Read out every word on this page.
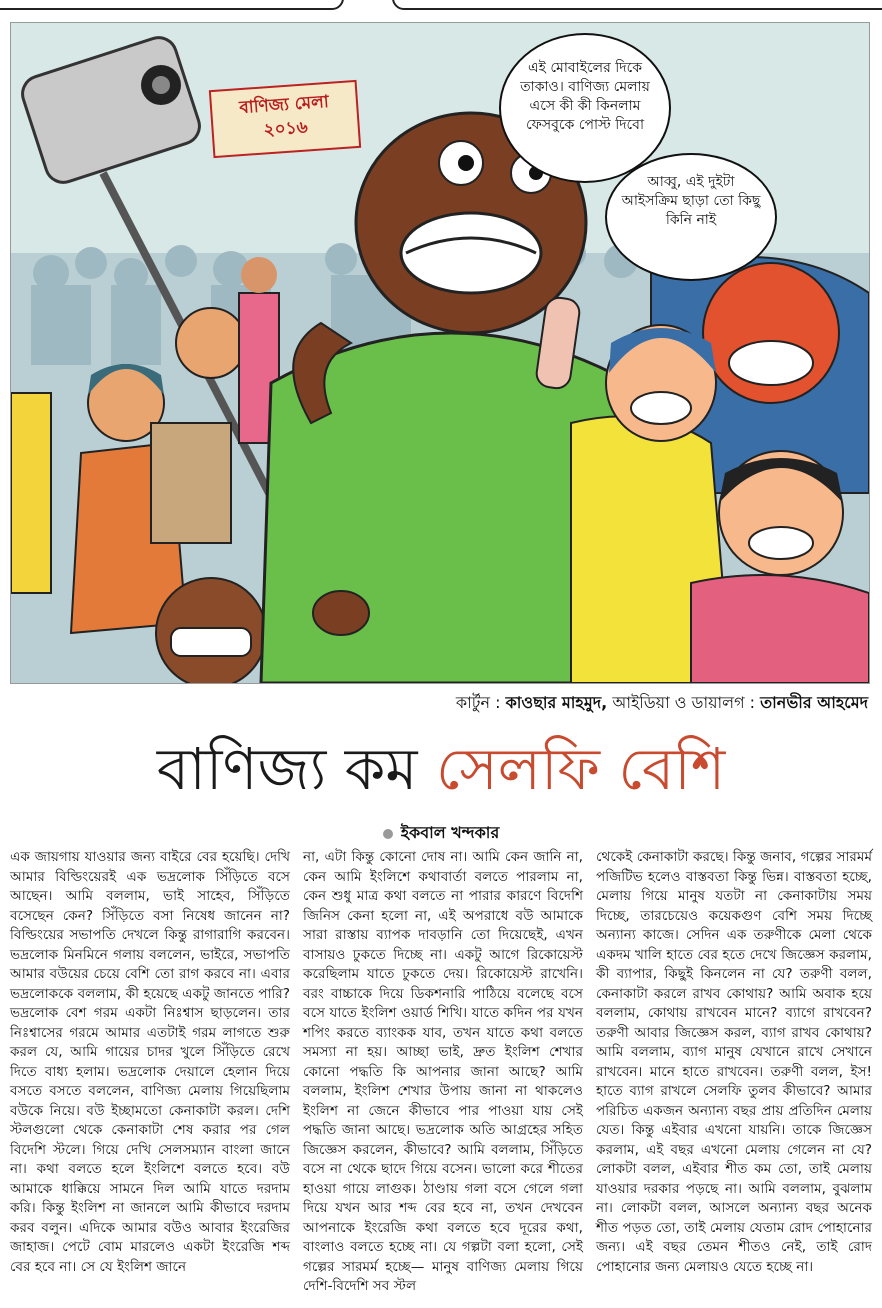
বাণিজ্য মেলা
২০১৬
এই মোবাইলের দিকে তাকাও। বাণিজ্য মেলায় এসে কী কী কিনলাম ফেসবুকে পোস্ট দিবো
আব্বু, এই দুইটা আইসক্রিম ছাড়া তো কিছু কিনি নাই
কার্টুন : কাওছার মাহমুদ, আইডিয়া ও ডায়ালগ : তানভীর আহমেদ
বাণিজ্য কম সেলফি বেশি
ইকবাল খন্দকার
এক জায়গায় যাওয়ার জন্য বাইরে বের হয়েছি। দেখি আমার বিল্ডিংয়েরই এক ভদ্রলোক সিঁড়িতে বসে আছেন। আমি বললাম, ভাই সাহেব, সিঁড়িতে বসেছেন কেন? সিঁড়িতে বসা নিষেধ জানেন না? বিল্ডিংয়ের সভাপতি দেখলে কিন্তু রাগারাগি করবেন। ভদ্রলোক মিনমিনে গলায় বললেন, ভাইরে, সভাপতি আমার বউয়ের চেয়ে বেশি তো রাগ করবে না। এবার ভদ্রলোককে বললাম, কী হয়েছে একটু জানতে পারি? ভদ্রলোক বেশ গরম একটা নিঃশ্বাস ছাড়লেন। তার নিঃশ্বাসের গরমে আমার এতটাই গরম লাগতে শুরু করল যে, আমি গায়ের চাদর খুলে সিঁড়িতে রেখে দিতে বাধ্য হলাম। ভদ্রলোক দেয়ালে হেলান দিয়ে বসতে বসতে বললেন, বাণিজ্য মেলায় গিয়েছিলাম বউকে নিয়ে। বউ ইচ্ছামতো কেনাকাটা করল। দেশি স্টলগুলো থেকে কেনাকাটা শেষ করার পর গেল বিদেশি স্টলে। গিয়ে দেখি সেলসম্যান বাংলা জানে না। কথা বলতে হলে ইংলিশে বলতে হবে। বউ আমাকে ধাক্কিয়ে সামনে দিল আমি যাতে দরদাম করি। কিন্তু ইংলিশ না জানলে আমি কীভাবে দরদাম করব বলুন। এদিকে আমার বউও আবার ইংরেজির জাহাজ। পেটে বোম মারলেও একটা ইংরেজি শব্দ বের হবে না। সে যে ইংলিশ জানে
না, এটা কিন্তু কোনো দোষ না। আমি কেন জানি না, কেন আমি ইংলিশে কথাবার্তা বলতে পারলাম না, কেন শুধু মাত্র কথা বলতে না পারার কারণে বিদেশি জিনিস কেনা হলো না, এই অপরাধে বউ আমাকে সারা রাস্তায় ব্যাপক দাবড়ানি তো দিয়েছেই, এখন বাসায়ও ঢুকতে দিচ্ছে না। একটু আগে রিকোয়েস্ট করেছিলাম যাতে ঢুকতে দেয়। রিকোয়েস্ট রাখেনি। বরং বাচ্চাকে দিয়ে ডিকশনারি পাঠিয়ে বলেছে বসে বসে যাতে ইংলিশ ওয়ার্ড শিখি। যাতে কদিন পর যখন শপিং করতে ব্যাংকক যাব, তখন যাতে কথা বলতে সমস্যা না হয়। আচ্ছা ভাই, দ্রুত ইংলিশ শেখার কোনো পদ্ধতি কি আপনার জানা আছে? আমি বললাম, ইংলিশ শেখার উপায় জানা না থাকলেও ইংলিশ না জেনে কীভাবে পার পাওয়া যায় সেই পদ্ধতি জানা আছে। ভদ্রলোক অতি আগ্রহের সহিত জিজ্ঞেস করলেন, কীভাবে? আমি বললাম, সিঁড়িতে বসে না থেকে ছাদে গিয়ে বসেন। ভালো করে শীতের হাওয়া গায়ে লাগুক। ঠাণ্ডায় গলা বসে গেলে গলা দিয়ে যখন আর শব্দ বের হবে না, তখন দেখবেন আপনাকে ইংরেজি কথা বলতে হবে দূরের কথা, বাংলাও বলতে হচ্ছে না। যে গল্পটা বলা হলো, সেই গল্পের সারমর্ম হচ্ছে— মানুষ বাণিজ্য মেলায় গিয়ে দেশি-বিদেশি সব স্টল
থেকেই কেনাকাটা করছে। কিন্তু জনাব, গল্পের সারমর্ম পজিটিভ হলেও বাস্তবতা কিন্তু ভিন্ন। বাস্তবতা হচ্ছে, মেলায় গিয়ে মানুষ যতটা না কেনাকাটায় সময় দিচ্ছে, তারচেয়েও কয়েকগুণ বেশি সময় দিচ্ছে অন্যান্য কাজে। সেদিন এক তরুণীকে মেলা থেকে একদম খালি হাতে বের হতে দেখে জিজ্ঞেস করলাম, কী ব্যাপার, কিছুই কিনলেন না যে? তরুণী বলল, কেনাকাটা করলে রাখব কোথায়? আমি অবাক হয়ে বললাম, কোথায় রাখবেন মানে? ব্যাগে রাখবেন? তরুণী আবার জিজ্ঞেস করল, ব্যাগ রাখব কোথায়? আমি বললাম, ব্যাগ মানুষ যেখানে রাখে সেখানে রাখবেন। মানে হাতে রাখবেন। তরুণী বলল, ইস! হাতে ব্যাগ রাখলে সেলফি তুলব কীভাবে? আমার পরিচিত একজন অন্যান্য বছর প্রায় প্রতিদিন মেলায় যেত। কিন্তু এইবার এখনো যায়নি। তাকে জিজ্ঞেস করলাম, এই বছর এখনো মেলায় গেলেন না যে? লোকটা বলল, এইবার শীত কম তো, তাই মেলায় যাওয়ার দরকার পড়ছে না। আমি বললাম, বুঝলাম না। লোকটা বলল, আসলে অন্যান্য বছর অনেক শীত পড়ত তো, তাই মেলায় যেতাম রোদ পোহানোর জন্য। এই বছর তেমন শীতও নেই, তাই রোদ পোহানোর জন্য মেলায়ও যেতে হচ্ছে না।
